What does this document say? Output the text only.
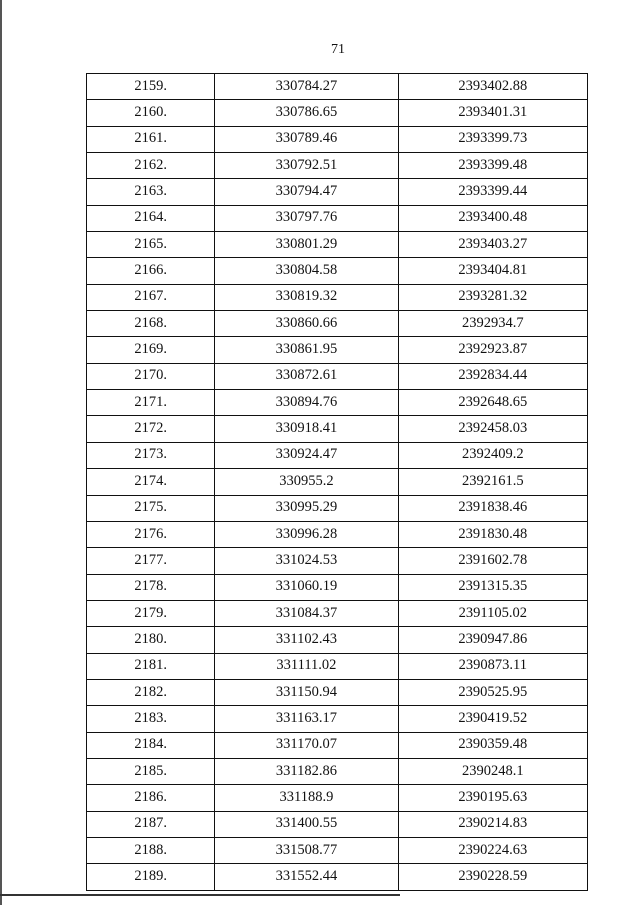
71
2159.	330784.27	2393402.88
2160.	330786.65	2393401.31
2161.	330789.46	2393399.73
2162.	330792.51	2393399.48
2163.	330794.47	2393399.44
2164.	330797.76	2393400.48
2165.	330801.29	2393403.27
2166.	330804.58	2393404.81
2167.	330819.32	2393281.32
2168.	330860.66	2392934.7
2169.	330861.95	2392923.87
2170.	330872.61	2392834.44
2171.	330894.76	2392648.65
2172.	330918.41	2392458.03
2173.	330924.47	2392409.2
2174.	330955.2	2392161.5
2175.	330995.29	2391838.46
2176.	330996.28	2391830.48
2177.	331024.53	2391602.78
2178.	331060.19	2391315.35
2179.	331084.37	2391105.02
2180.	331102.43	2390947.86
2181.	331111.02	2390873.11
2182.	331150.94	2390525.95
2183.	331163.17	2390419.52
2184.	331170.07	2390359.48
2185.	331182.86	2390248.1
2186.	331188.9	2390195.63
2187.	331400.55	2390214.83
2188.	331508.77	2390224.63
2189.	331552.44	2390228.59
